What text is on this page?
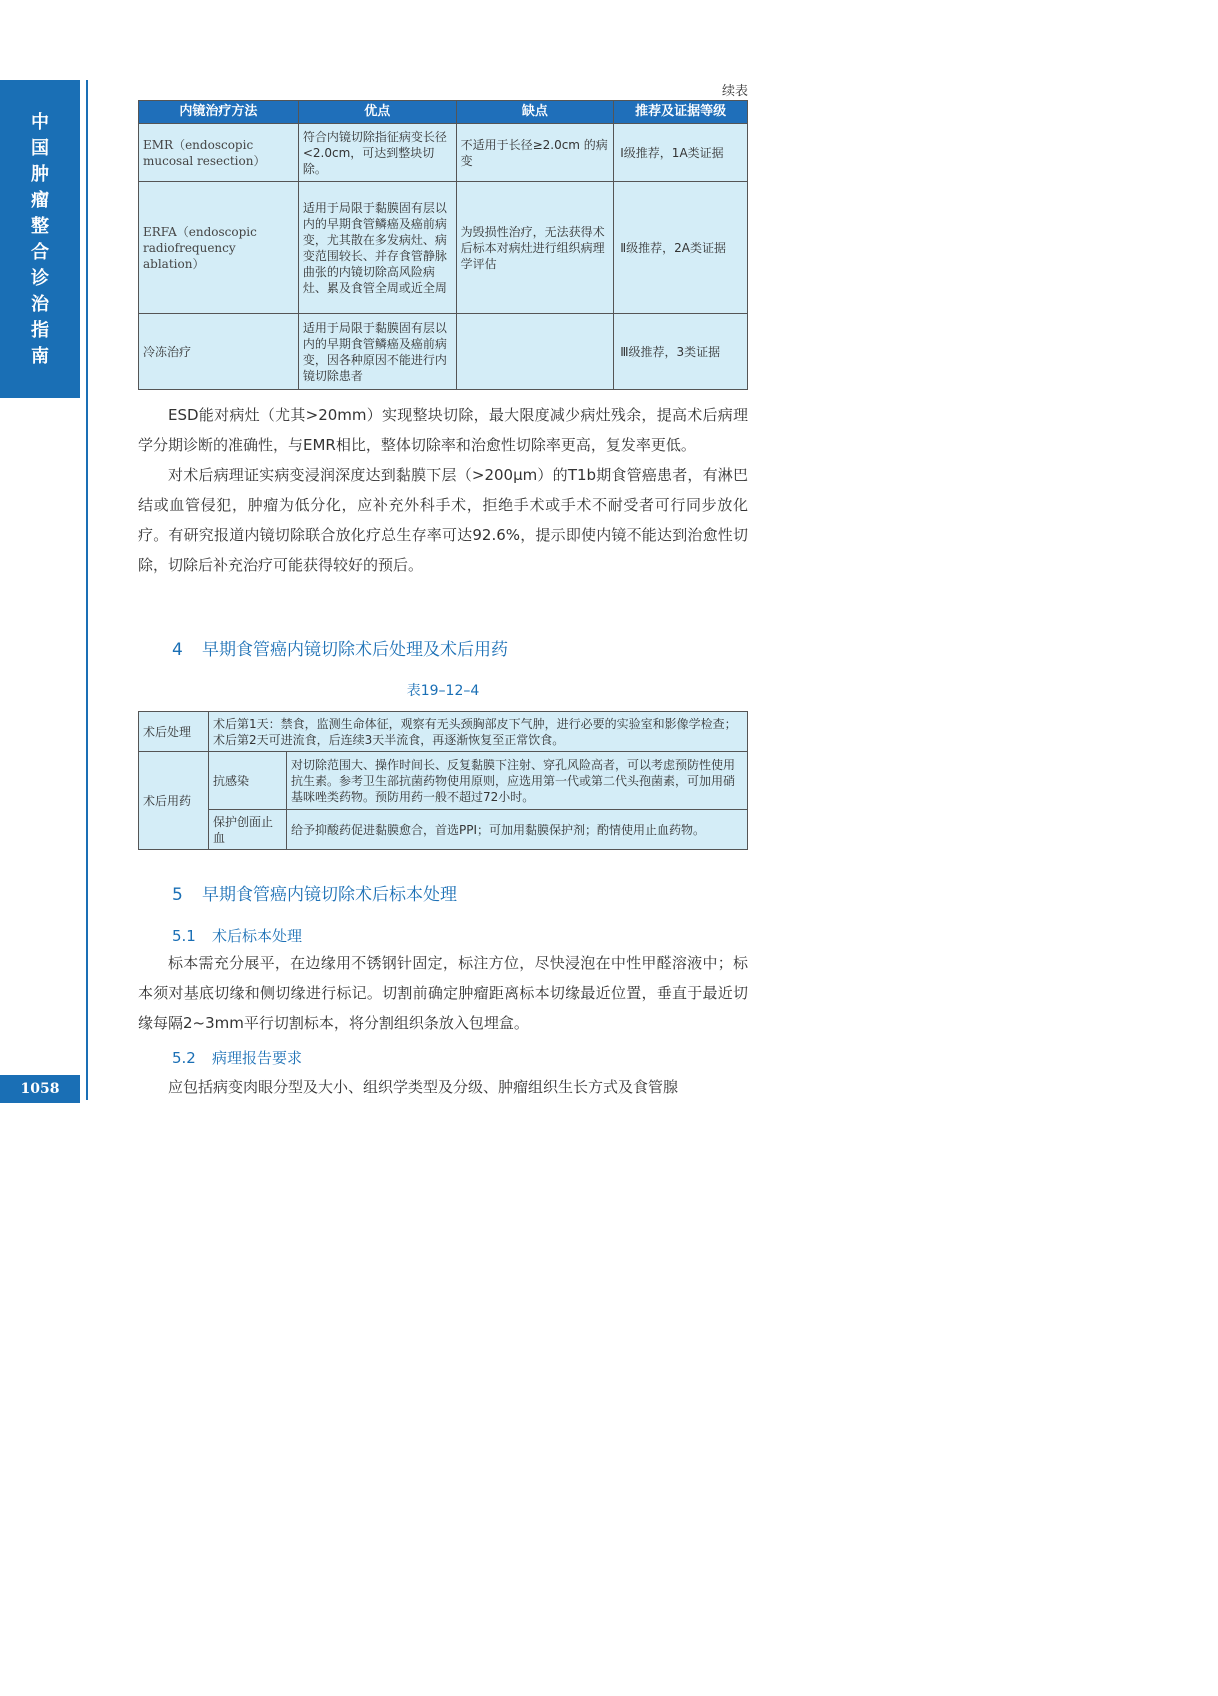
中
国
肿
瘤
整
合
诊
治
指
南
1058
续表
内镜治疗方法	优点	缺点	推荐及证据等级
EMR（endoscopic mucosal resection）	符合内镜切除指征病变长径<2.0cm，可达到整块切除。	不适用于长径≥2.0cm 的病变	Ⅰ级推荐，1A类证据
ERFA（endoscopic radiofrequency ablation）	适用于局限于黏膜固有层以内的早期食管鳞癌及癌前病变，尤其散在多发病灶、病变范围较长、并存食管静脉曲张的内镜切除高风险病灶、累及食管全周或近全周	为毁损性治疗，无法获得术后标本对病灶进行组织病理学评估	Ⅱ级推荐，2A类证据
冷冻治疗	适用于局限于黏膜固有层以内的早期食管鳞癌及癌前病变，因各种原因不能进行内镜切除患者		Ⅲ级推荐，3类证据

ESD能对病灶（尤其>20mm）实现整块切除，最大限度减少病灶残余，提高术后病理学分期诊断的准确性，与EMR相比，整体切除率和治愈性切除率更高，复发率更低。

对术后病理证实病变浸润深度达到黏膜下层（>200μm）的T1b期食管癌患者，有淋巴结或血管侵犯，肿瘤为低分化，应补充外科手术，拒绝手术或手术不耐受者可行同步放化疗。有研究报道内镜切除联合放化疗总生存率可达92.6%，提示即使内镜不能达到治愈性切除，切除后补充治疗可能获得较好的预后。

4 早期食管癌内镜切除术后处理及术后用药
表19–12–4
术后处理	术后第1天：禁食，监测生命体征，观察有无头颈胸部皮下气肿，进行必要的实验室和影像学检查；术后第2天可进流食，后连续3天半流食，再逐渐恢复至正常饮食。	
术后用药	抗感染	对切除范围大、操作时间长、反复黏膜下注射、穿孔风险高者，可以考虑预防性使用抗生素。参考卫生部抗菌药物使用原则，应选用第一代或第二代头孢菌素，可加用硝基咪唑类药物。预防用药一般不超过72小时。
	保护创面止血	给予抑酸药促进黏膜愈合，首选PPI；可加用黏膜保护剂；酌情使用止血药物。
5 早期食管癌内镜切除术后标本处理
5.1 术后标本处理

标本需充分展平，在边缘用不锈钢针固定，标注方位，尽快浸泡在中性甲醛溶液中；标本须对基底切缘和侧切缘进行标记。切割前确定肿瘤距离标本切缘最近位置，垂直于最近切缘每隔2~3mm平行切割标本，将分割组织条放入包埋盒。

5.2 病理报告要求

应包括病变肉眼分型及大小、组织学类型及分级、肿瘤组织生长方式及食管腺
